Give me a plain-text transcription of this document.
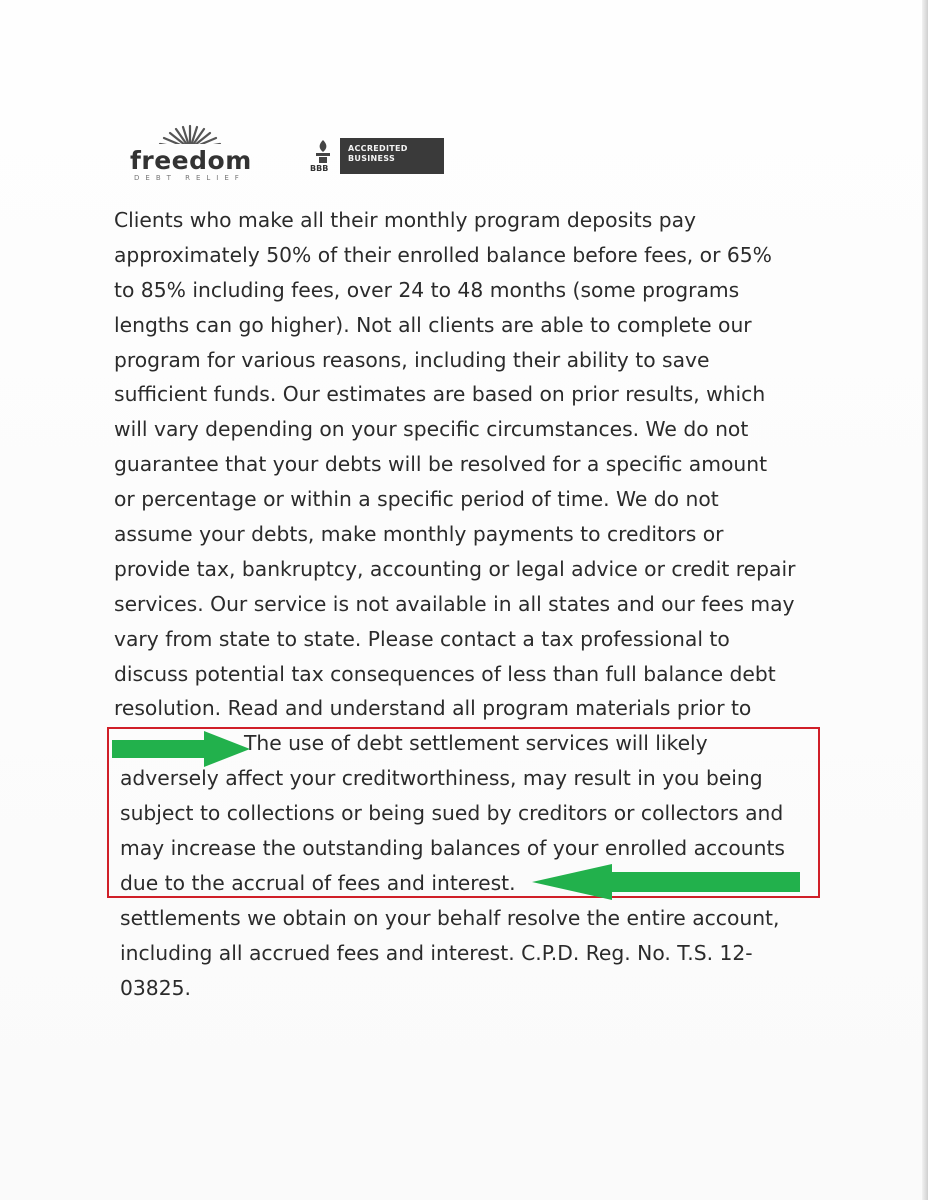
freedom
DEBT RELIEF
BBB
ACCREDITED
BUSINESS
Clients who make all their monthly program deposits pay
approximately 50% of their enrolled balance before fees, or 65%
to 85% including fees, over 24 to 48 months (some programs
lengths can go higher). Not all clients are able to complete our
program for various reasons, including their ability to save
sufficient funds. Our estimates are based on prior results, which
will vary depending on your specific circumstances. We do not
guarantee that your debts will be resolved for a specific amount
or percentage or within a specific period of time. We do not
assume your debts, make monthly payments to creditors or
provide tax, bankruptcy, accounting or legal advice or credit repair
services. Our service is not available in all states and our fees may
vary from state to state. Please contact a tax professional to
discuss potential tax consequences of less than full balance debt
resolution. Read and understand all program materials prior to
The use of debt settlement services will likely
adversely affect your creditworthiness, may result in you being
subject to collections or being sued by creditors or collectors and
may increase the outstanding balances of your enrolled accounts
due to the accrual of fees and interest.
settlements we obtain on your behalf resolve the entire account,
including all accrued fees and interest. C.P.D. Reg. No. T.S. 12-
03825.
